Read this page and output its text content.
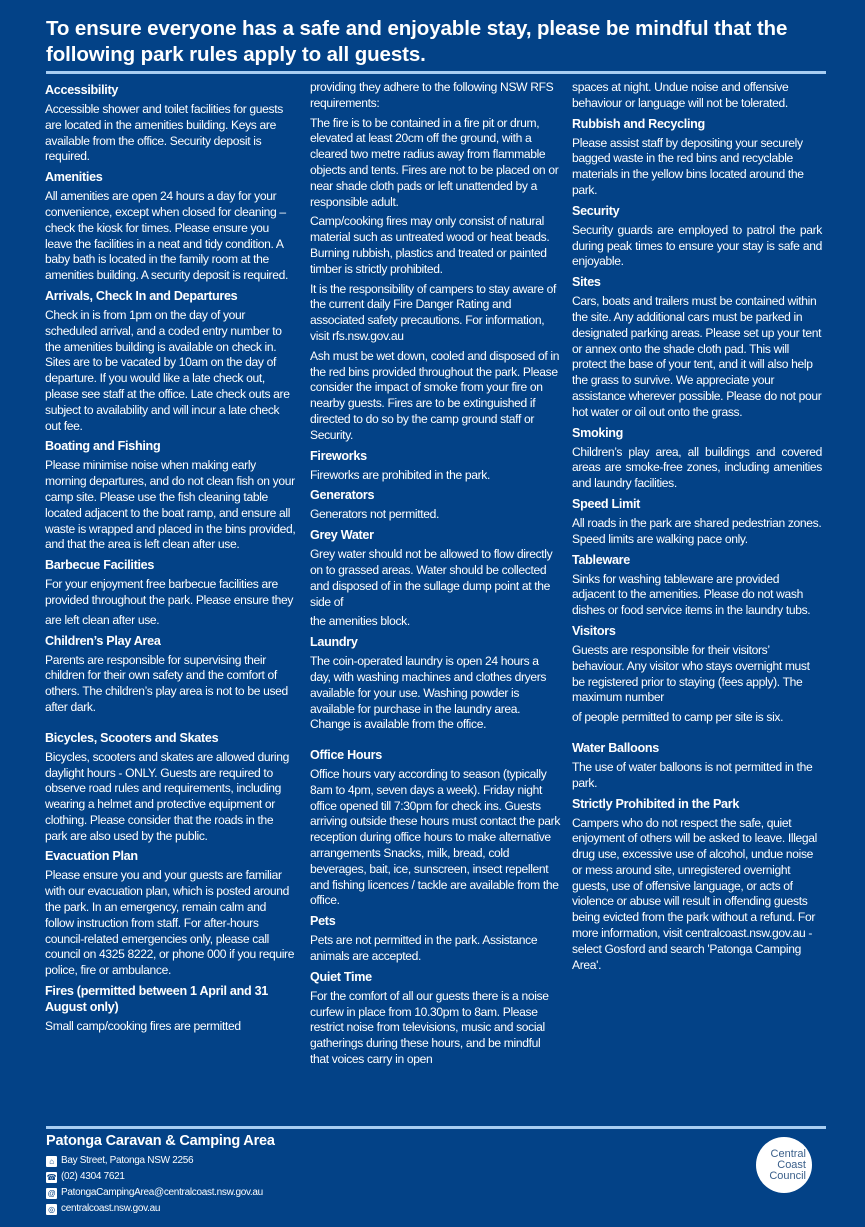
To ensure everyone has a safe and enjoyable stay, please be mindful that the following park rules apply to all guests.
Accessibility

Accessible shower and toilet facilities for guests are located in the amenities building. Keys are available from the office. Security deposit is required.

Amenities

All amenities are open 24 hours a day for your convenience, except when closed for cleaning – check the kiosk for times. Please ensure you leave the facilities in a neat and tidy condition. A baby bath is located in the family room at the amenities building. A security deposit is required.

Arrivals, Check In and Departures

Check in is from 1pm on the day of your scheduled arrival, and a coded entry number to the amenities building is available on check in. Sites are to be vacated by 10am on the day of departure. If you would like a late check out, please see staff at the office. Late check outs are subject to availability and will incur a late check out fee.

Boating and Fishing

Please minimise noise when making early morning departures, and do not clean fish on your camp site. Please use the fish cleaning table located adjacent to the boat ramp, and ensure all waste is wrapped and placed in the bins provided, and that the area is left clean after use.

Barbecue Facilities

For your enjoyment free barbecue facilities are provided throughout the park. Please ensure they

are left clean after use.

Children’s Play Area

Parents are responsible for supervising their children for their own safety and the comfort of others. The children’s play area is not to be used after dark.

Bicycles, Scooters and Skates

Bicycles, scooters and skates are allowed during daylight hours - ONLY. Guests are required to observe road rules and requirements, including wearing a helmet and protective equipment or clothing. Please consider that the roads in the park are also used by the public.

Evacuation Plan

Please ensure you and your guests are familiar with our evacuation plan, which is posted around the park. In an emergency, remain calm and follow instruction from staff. For after-hours council-related emergencies only, please call council on 4325 8222, or phone 000 if you require police, fire or ambulance.

Fires (permitted between 1 April and 31 August only)

Small camp/cooking fires are permitted

providing they adhere to the following NSW RFS requirements:

The fire is to be contained in a fire pit or drum, elevated at least 20cm off the ground, with a cleared two metre radius away from flammable objects and tents. Fires are not to be placed on or near shade cloth pads or left unattended by a responsible adult.

Camp/cooking fires may only consist of natural material such as untreated wood or heat beads. Burning rubbish, plastics and treated or painted timber is strictly prohibited.

It is the responsibility of campers to stay aware of the current daily Fire Danger Rating and associated safety precautions. For information, visit rfs.nsw.gov.au

Ash must be wet down, cooled and disposed of in the red bins provided throughout the park. Please consider the impact of smoke from your fire on nearby guests. Fires are to be extinguished if directed to do so by the camp ground staff or Security.

Fireworks

Fireworks are prohibited in the park.

Generators

Generators not permitted.

Grey Water

Grey water should not be allowed to flow directly on to grassed areas. Water should be collected and disposed of in the sullage dump point at the side of

the amenities block.

Laundry

The coin-operated laundry is open 24 hours a day, with washing machines and clothes dryers available for your use. Washing powder is available for purchase in the laundry area. Change is available from the office.

Office Hours

Office hours vary according to season (typically 8am to 4pm, seven days a week). Friday night office opened till 7:30pm for check ins. Guests arriving outside these hours must contact the park reception during office hours to make alternative arrangements Snacks, milk, bread, cold beverages, bait, ice, sunscreen, insect repellent and fishing licences / tackle are available from the office.

Pets

Pets are not permitted in the park. Assistance animals are accepted.

Quiet Time

For the comfort of all our guests there is a noise curfew in place from 10.30pm to 8am. Please restrict noise from televisions, music and social gatherings during these hours, and be mindful that voices carry in open

spaces at night. Undue noise and offensive behaviour or language will not be tolerated.

Rubbish and Recycling

Please assist staff by depositing your securely bagged waste in the red bins and recyclable materials in the yellow bins located around the park.

Security

Security guards are employed to patrol the park during peak times to ensure your stay is safe and enjoyable.

Sites

Cars, boats and trailers must be contained within the site. Any additional cars must be parked in designated parking areas. Please set up your tent or annex onto the shade cloth pad. This will protect the base of your tent, and it will also help the grass to survive. We appreciate your assistance wherever possible. Please do not pour hot water or oil out onto the grass.

Smoking

Children’s play area, all buildings and covered areas are smoke-free zones, including amenities and laundry facilities.

Speed Limit

All roads in the park are shared pedestrian zones. Speed limits are walking pace only.

Tableware

Sinks for washing tableware are provided adjacent to the amenities. Please do not wash dishes or food service items in the laundry tubs.

Visitors

Guests are responsible for their visitors’ behaviour. Any visitor who stays overnight must be registered prior to staying (fees apply). The maximum number

of people permitted to camp per site is six.

Water Balloons

The use of water balloons is not permitted in the park.

Strictly Prohibited in the Park

Campers who do not respect the safe, quiet enjoyment of others will be asked to leave. Illegal drug use, excessive use of alcohol, undue noise or mess around site, unregistered overnight guests, use of offensive language, or acts of violence or abuse will result in offending guests being evicted from the park without a refund. For more information, visit centralcoast.nsw.gov.au - select Gosford and search 'Patonga Camping Area'.

Patonga Caravan & Camping Area
⌂ Bay Street, Patonga NSW 2256
☎ (02) 4304 7621
@ PatongaCampingArea@centralcoast.nsw.gov.au
◎ centralcoast.nsw.gov.au
Central
Coast
Council
